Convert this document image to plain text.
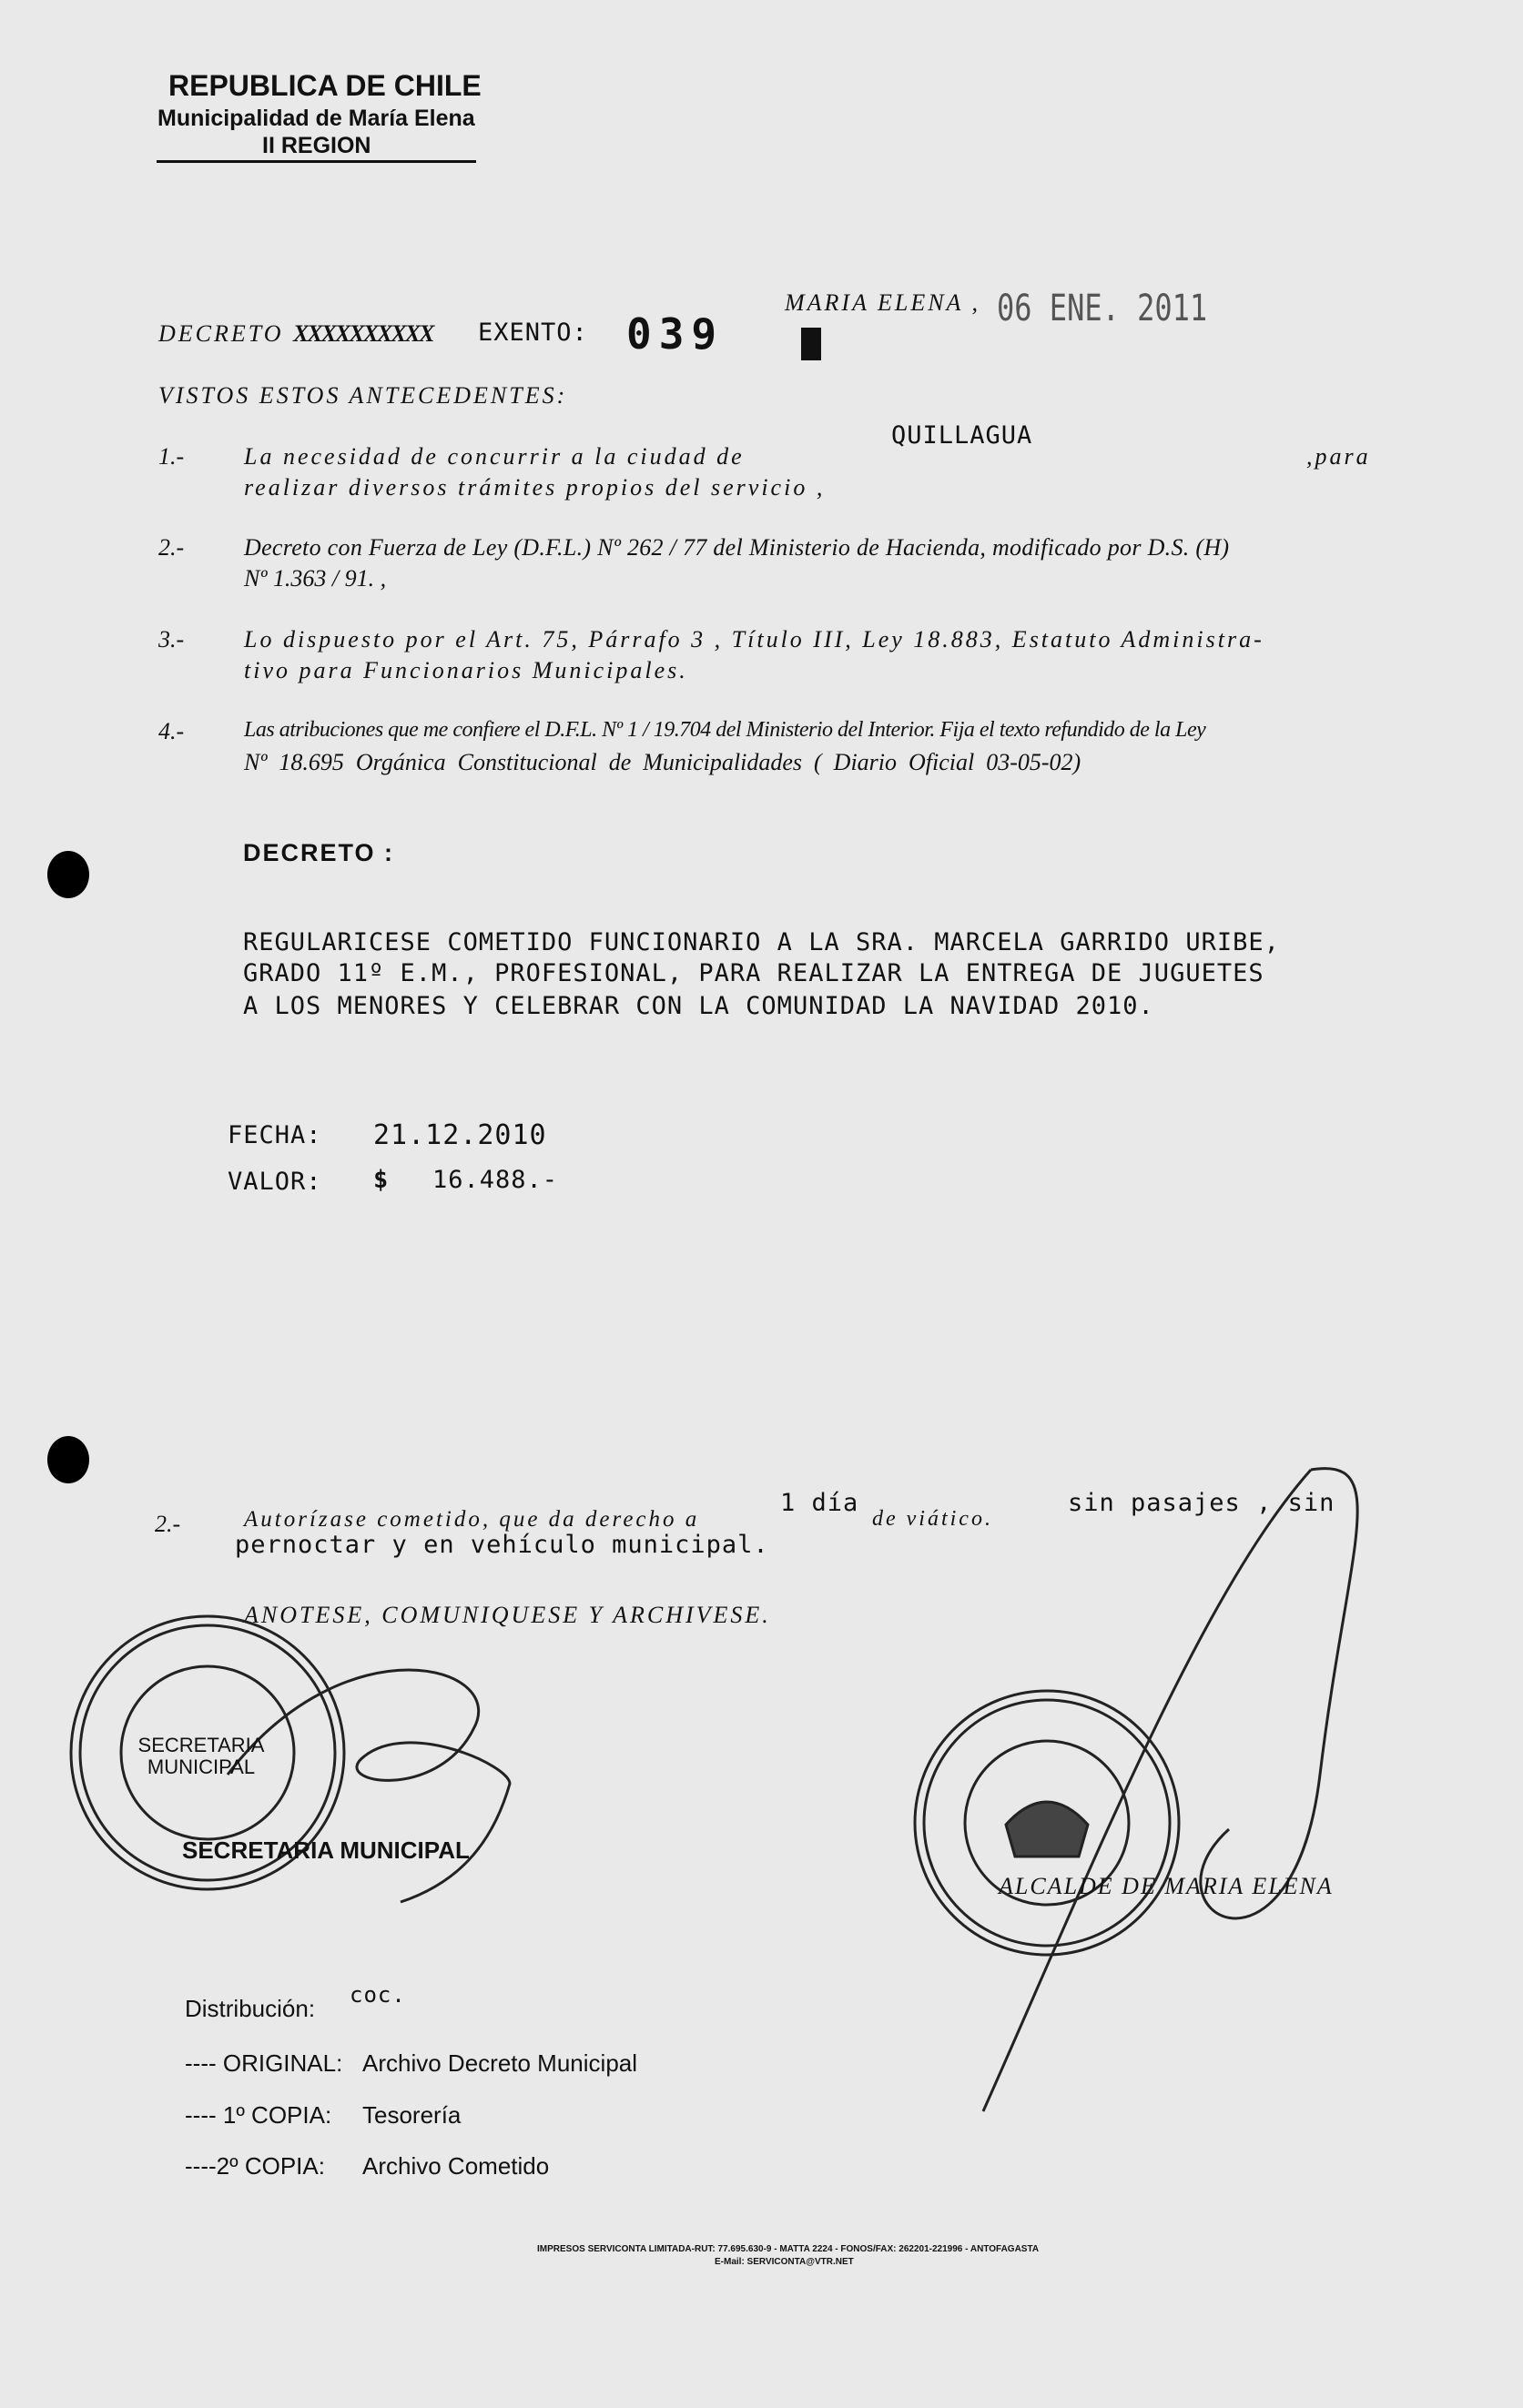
REPUBLICA DE CHILE
Municipalidad de María Elena
II REGION
DECRETO XXXXXXXXXX EXENTO: 039
MARIA ELENA , 06 ENE. 2011
VISTOS ESTOS ANTECEDENTES:
1.-	La necesidad de concurrir a la ciudad de
QUILLAGUA
,para
realizar diversos trámites propios del servicio ,
2.-	Decreto con Fuerza de Ley (D.F.L.) Nº 262 / 77 del Ministerio de Hacienda, modificado por D.S. (H)
Nº 1.363 / 91. ,
3.-	Lo dispuesto por el Art. 75, Párrafo 3 , Título III, Ley 18.883, Estatuto Administra-
tivo para Funcionarios Municipales.
4.-	Las atribuciones que me confiere el D.F.L. Nº 1 / 19.704 del Ministerio del Interior. Fija el texto refundido de la Ley
Nº  18.695  Orgánica  Constitucional  de  Municipalidades  (  Diario  Oficial  03-05-02)
DECRETO :
REGULARICESE COMETIDO FUNCIONARIO A LA SRA. MARCELA GARRIDO URIBE,
GRADO 11º E.M., PROFESIONAL, PARA REALIZAR LA ENTREGA DE JUGUETES
A LOS MENORES Y CELEBRAR CON LA COMUNIDAD LA NAVIDAD 2010.
FECHA: 21.12.2010
VALOR: $ 16.488.-
2.-	Autorízase cometido, que da derecho a
1 día
de viático.
sin pasajes , sin
pernoctar y en vehículo municipal.
ANOTESE, COMUNIQUESE Y ARCHIVESE.
SECRETARIA MUNICIPAL
SECRETARIA MUNICIPAL
ALCALDE DE MARIA ELENA
Distribución: coc.
---- ORIGINAL: Archivo Decreto Municipal
---- 1º COPIA: Tesorería
----2º COPIA: Archivo Cometido
IMPRESOS SERVICONTA LIMITADA-RUT: 77.695.630-9 - MATTA 2224 - FONOS/FAX: 262201-221996 - ANTOFAGASTA
E-Mail: SERVICONTA@VTR.NET
